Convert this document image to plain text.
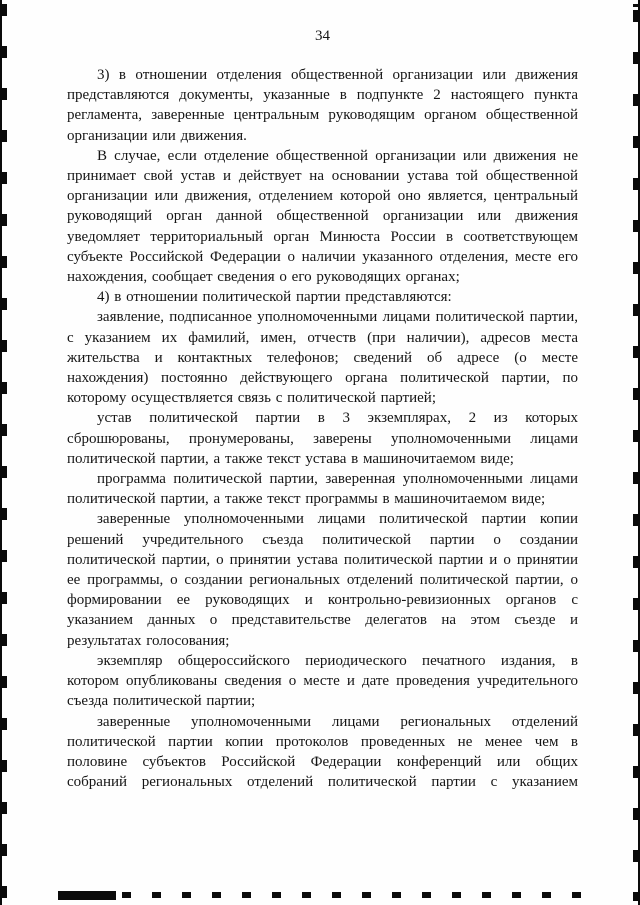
34

3) в отношении отделения общественной организации или движения представляются документы, указанные в подпункте 2 настоящего пункта регламента, заверенные центральным руководящим органом общественной организации или движения.

В случае, если отделение общественной организации или движения не принимает свой устав и действует на основании устава той общественной организации или движения, отделением которой оно является, центральный руководящий орган данной общественной организации или движения уведомляет территориальный орган Минюста России в соответствующем субъекте Российской Федерации о наличии указанного отделения, месте его нахождения, сообщает сведения о его руководящих органах;

4) в отношении политической партии представляются:

заявление, подписанное уполномоченными лицами политической партии, с указанием их фамилий, имен, отчеств (при наличии), адресов места жительства и контактных телефонов; сведений об адресе (о месте нахождения) постоянно действующего органа политической партии, по которому осуществляется связь с политической партией;

устав политической партии в 3 экземплярах, 2 из которых сброшюрованы, пронумерованы, заверены уполномоченными лицами политической партии, а также текст устава в машиночитаемом виде;

программа политической партии, заверенная уполномоченными лицами политической партии, а также текст программы в машиночитаемом виде;

заверенные уполномоченными лицами политической партии копии решений учредительного съезда политической партии о создании политической партии, о принятии устава политической партии и о принятии ее программы, о создании региональных отделений политической партии, о формировании ее руководящих и контрольно-ревизионных органов с указанием данных о представительстве делегатов на этом съезде и результатах голосования;

экземпляр общероссийского периодического печатного издания, в котором опубликованы сведения о месте и дате проведения учредительного съезда политической партии;

заверенные уполномоченными лицами региональных отделений политической партии копии протоколов проведенных не менее чем в половине субъектов Российской Федерации конференций или общих собраний региональных отделений политической партии с указанием
